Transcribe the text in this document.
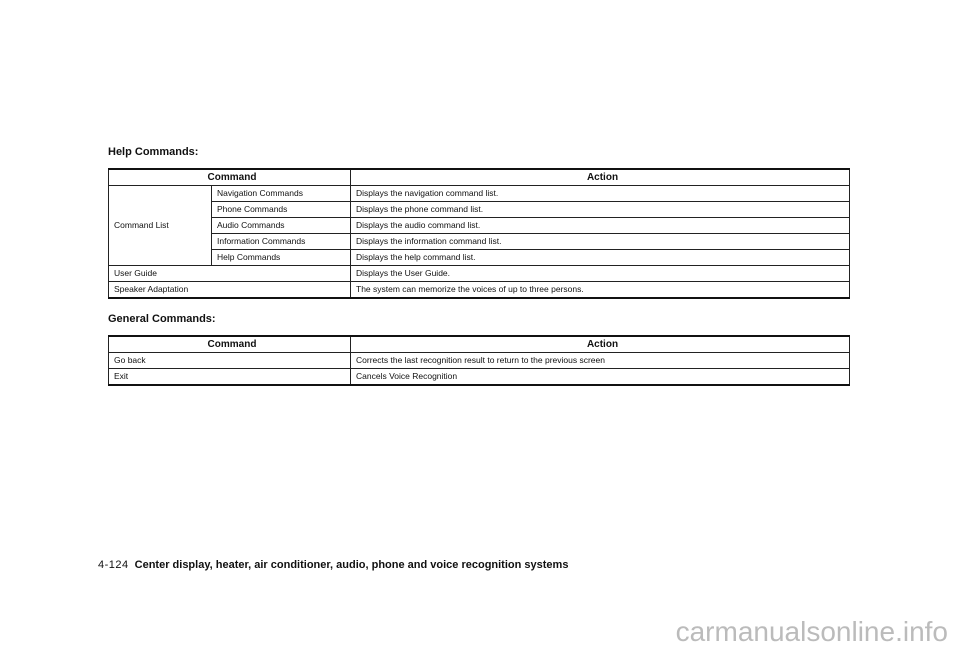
Help Commands:
Command		Action
Command List	Navigation Commands	Displays the navigation command list.
	Phone Commands	Displays the phone command list.
	Audio Commands	Displays the audio command list.
	Information Commands	Displays the information command list.
	Help Commands	Displays the help command list.
User Guide		Displays the User Guide.
Speaker Adaptation		The system can memorize the voices of up to three persons.
General Commands:
Command	Action
Go back	Corrects the last recognition result to return to the previous screen
Exit	Cancels Voice Recognition
4-124 Center display, heater, air conditioner, audio, phone and voice recognition systems
carmanualsonline.info
